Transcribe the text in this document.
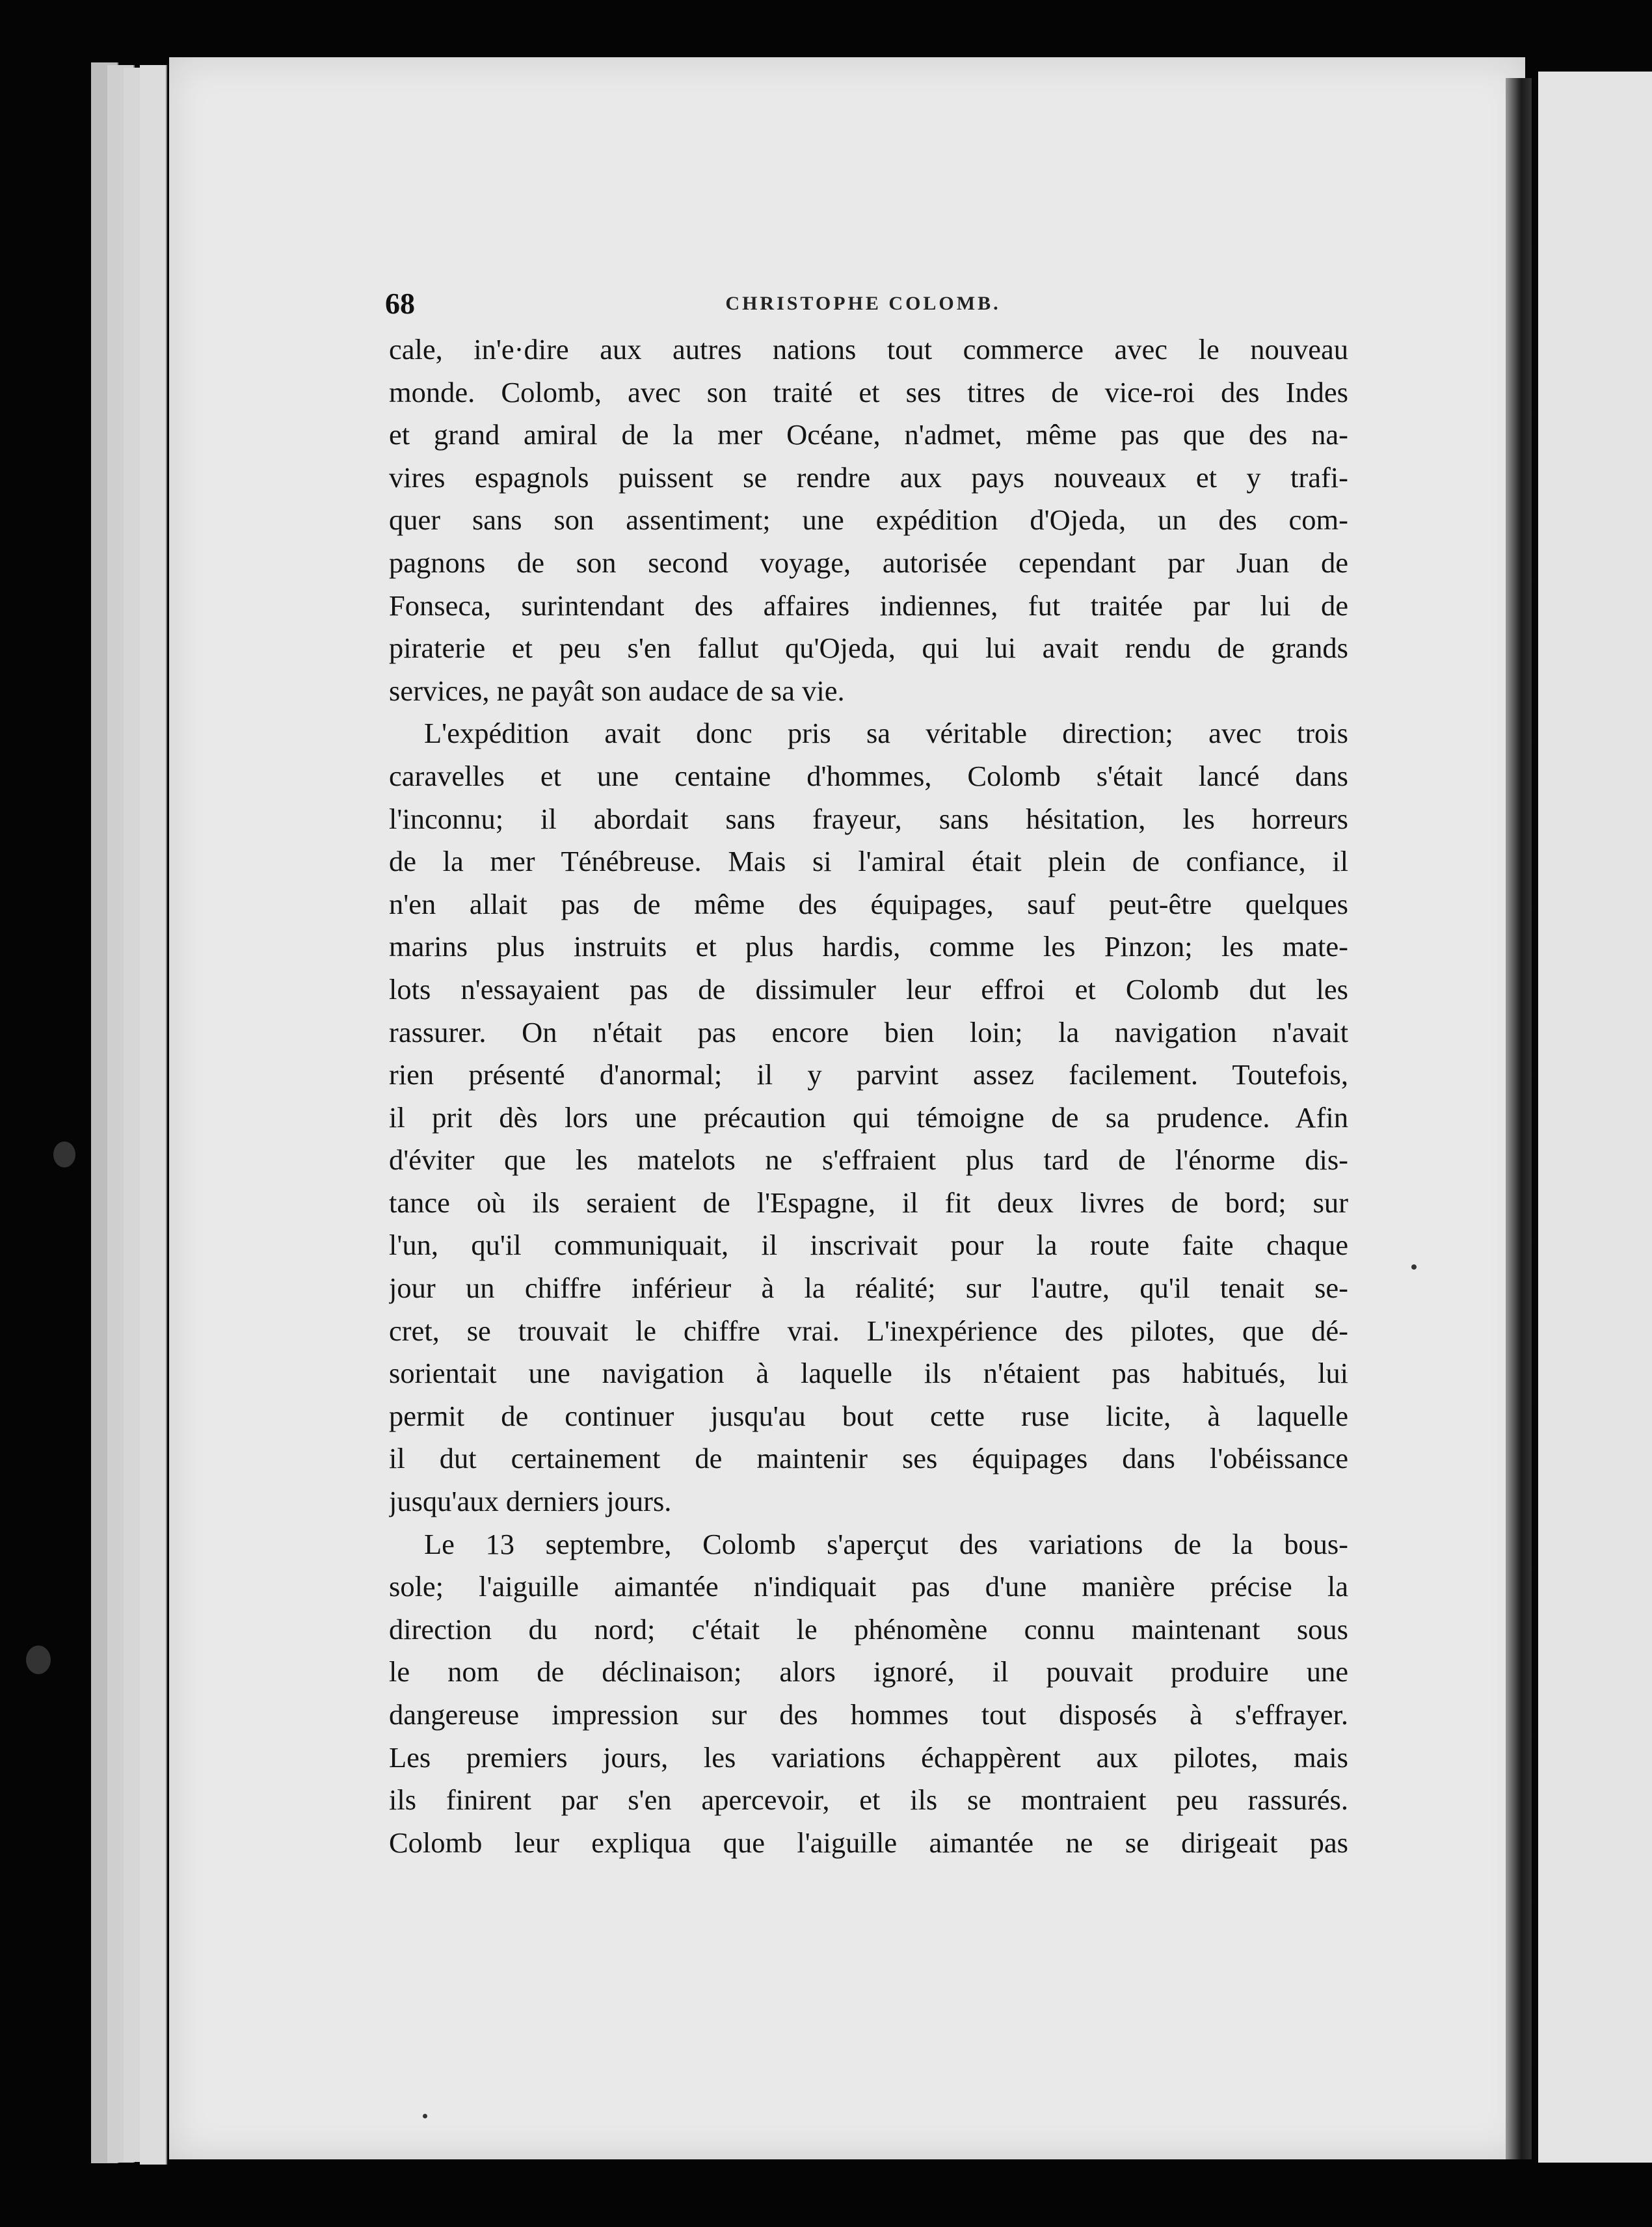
68	CHRISTOPHE COLOMB.
cale, in'e·dire aux autres nations tout commerce avec le nouveau
monde. Colomb, avec son traité et ses titres de vice-roi des Indes
et grand amiral de la mer Océane, n'admet, même pas que des na-
vires espagnols puissent se rendre aux pays nouveaux et y trafi-
quer sans son assentiment; une expédition d'Ojeda, un des com-
pagnons de son second voyage, autorisée cependant par Juan de
Fonseca, surintendant des affaires indiennes, fut traitée par lui de
piraterie et peu s'en fallut qu'Ojeda, qui lui avait rendu de grands
services, ne payât son audace de sa vie.
L'expédition avait donc pris sa véritable direction; avec trois
caravelles et une centaine d'hommes, Colomb s'était lancé dans
l'inconnu; il abordait sans frayeur, sans hésitation, les horreurs
de la mer Ténébreuse. Mais si l'amiral était plein de confiance, il
n'en allait pas de même des équipages, sauf peut-être quelques
marins plus instruits et plus hardis, comme les Pinzon; les mate-
lots n'essayaient pas de dissimuler leur effroi et Colomb dut les
rassurer. On n'était pas encore bien loin; la navigation n'avait
rien présenté d'anormal; il y parvint assez facilement. Toutefois,
il prit dès lors une précaution qui témoigne de sa prudence. Afin
d'éviter que les matelots ne s'effraient plus tard de l'énorme dis-
tance où ils seraient de l'Espagne, il fit deux livres de bord; sur
l'un, qu'il communiquait, il inscrivait pour la route faite chaque
jour un chiffre inférieur à la réalité; sur l'autre, qu'il tenait se-
cret, se trouvait le chiffre vrai. L'inexpérience des pilotes, que dé-
sorientait une navigation à laquelle ils n'étaient pas habitués, lui
permit de continuer jusqu'au bout cette ruse licite, à laquelle
il dut certainement de maintenir ses équipages dans l'obéissance
jusqu'aux derniers jours.
Le 13 septembre, Colomb s'aperçut des variations de la bous-
sole; l'aiguille aimantée n'indiquait pas d'une manière précise la
direction du nord; c'était le phénomène connu maintenant sous
le nom de déclinaison; alors ignoré, il pouvait produire une
dangereuse impression sur des hommes tout disposés à s'effrayer.
Les premiers jours, les variations échappèrent aux pilotes, mais
ils finirent par s'en apercevoir, et ils se montraient peu rassurés.
Colomb leur expliqua que l'aiguille aimantée ne se dirigeait pas
